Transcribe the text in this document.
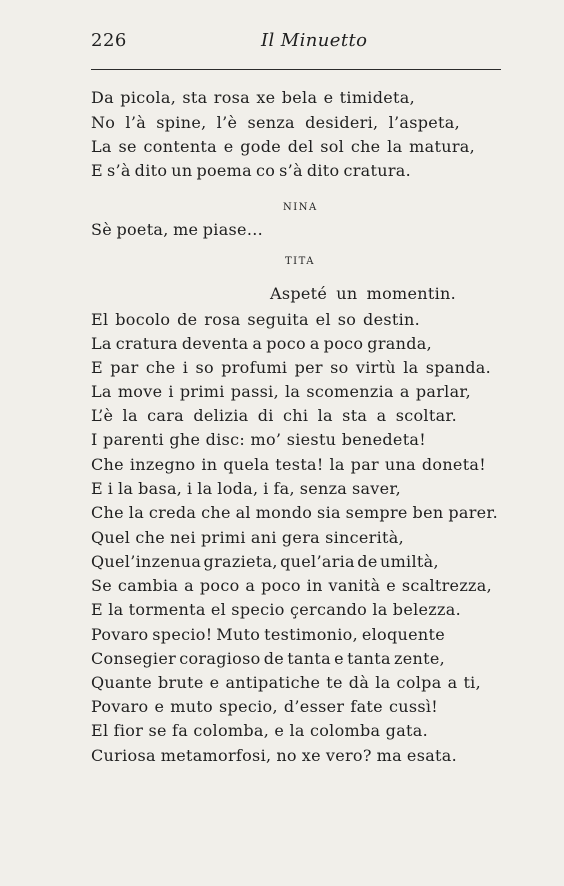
226	Il Minuetto
Da picola, sta rosa xe bela e timideta,
No l’à spine, l’è senza desideri, l’aspeta,
La se contenta e gode del sol che la matura,
E s’à dito un poema co s’à dito cratura.
NINA
Sè poeta, me piase...
TITA
Aspeté un momentin.
El bocolo de rosa seguita el so destin.
La cratura deventa a poco a poco granda,
E par che i so profumi per so virtù la spanda.
La move i primi passi, la scomenzia a parlar,
L’è la cara delizia di chi la sta a scoltar.
I parenti ghe disc: mo’ siestu benedeta!
Che inzegno in quela testa! la par una doneta!
E i la basa, i la loda, i fa, senza saver,
Che la creda che al mondo sia sempre ben parer.
Quel che nei primi ani gera sincerità,
Quel’inzenua grazieta, quel’aria de umiltà,
Se cambia a poco a poco in vanità e scaltrezza,
E la tormenta el specio çercando la belezza.
Povaro specio! Muto testimonio, eloquente
Consegier coragioso de tanta e tanta zente,
Quante brute e antipatiche te dà la colpa a ti,
Povaro e muto specio, d’esser fate cussì!
El fior se fa colomba, e la colomba gata.
Curiosa metamorfosi, no xe vero? ma esata.
